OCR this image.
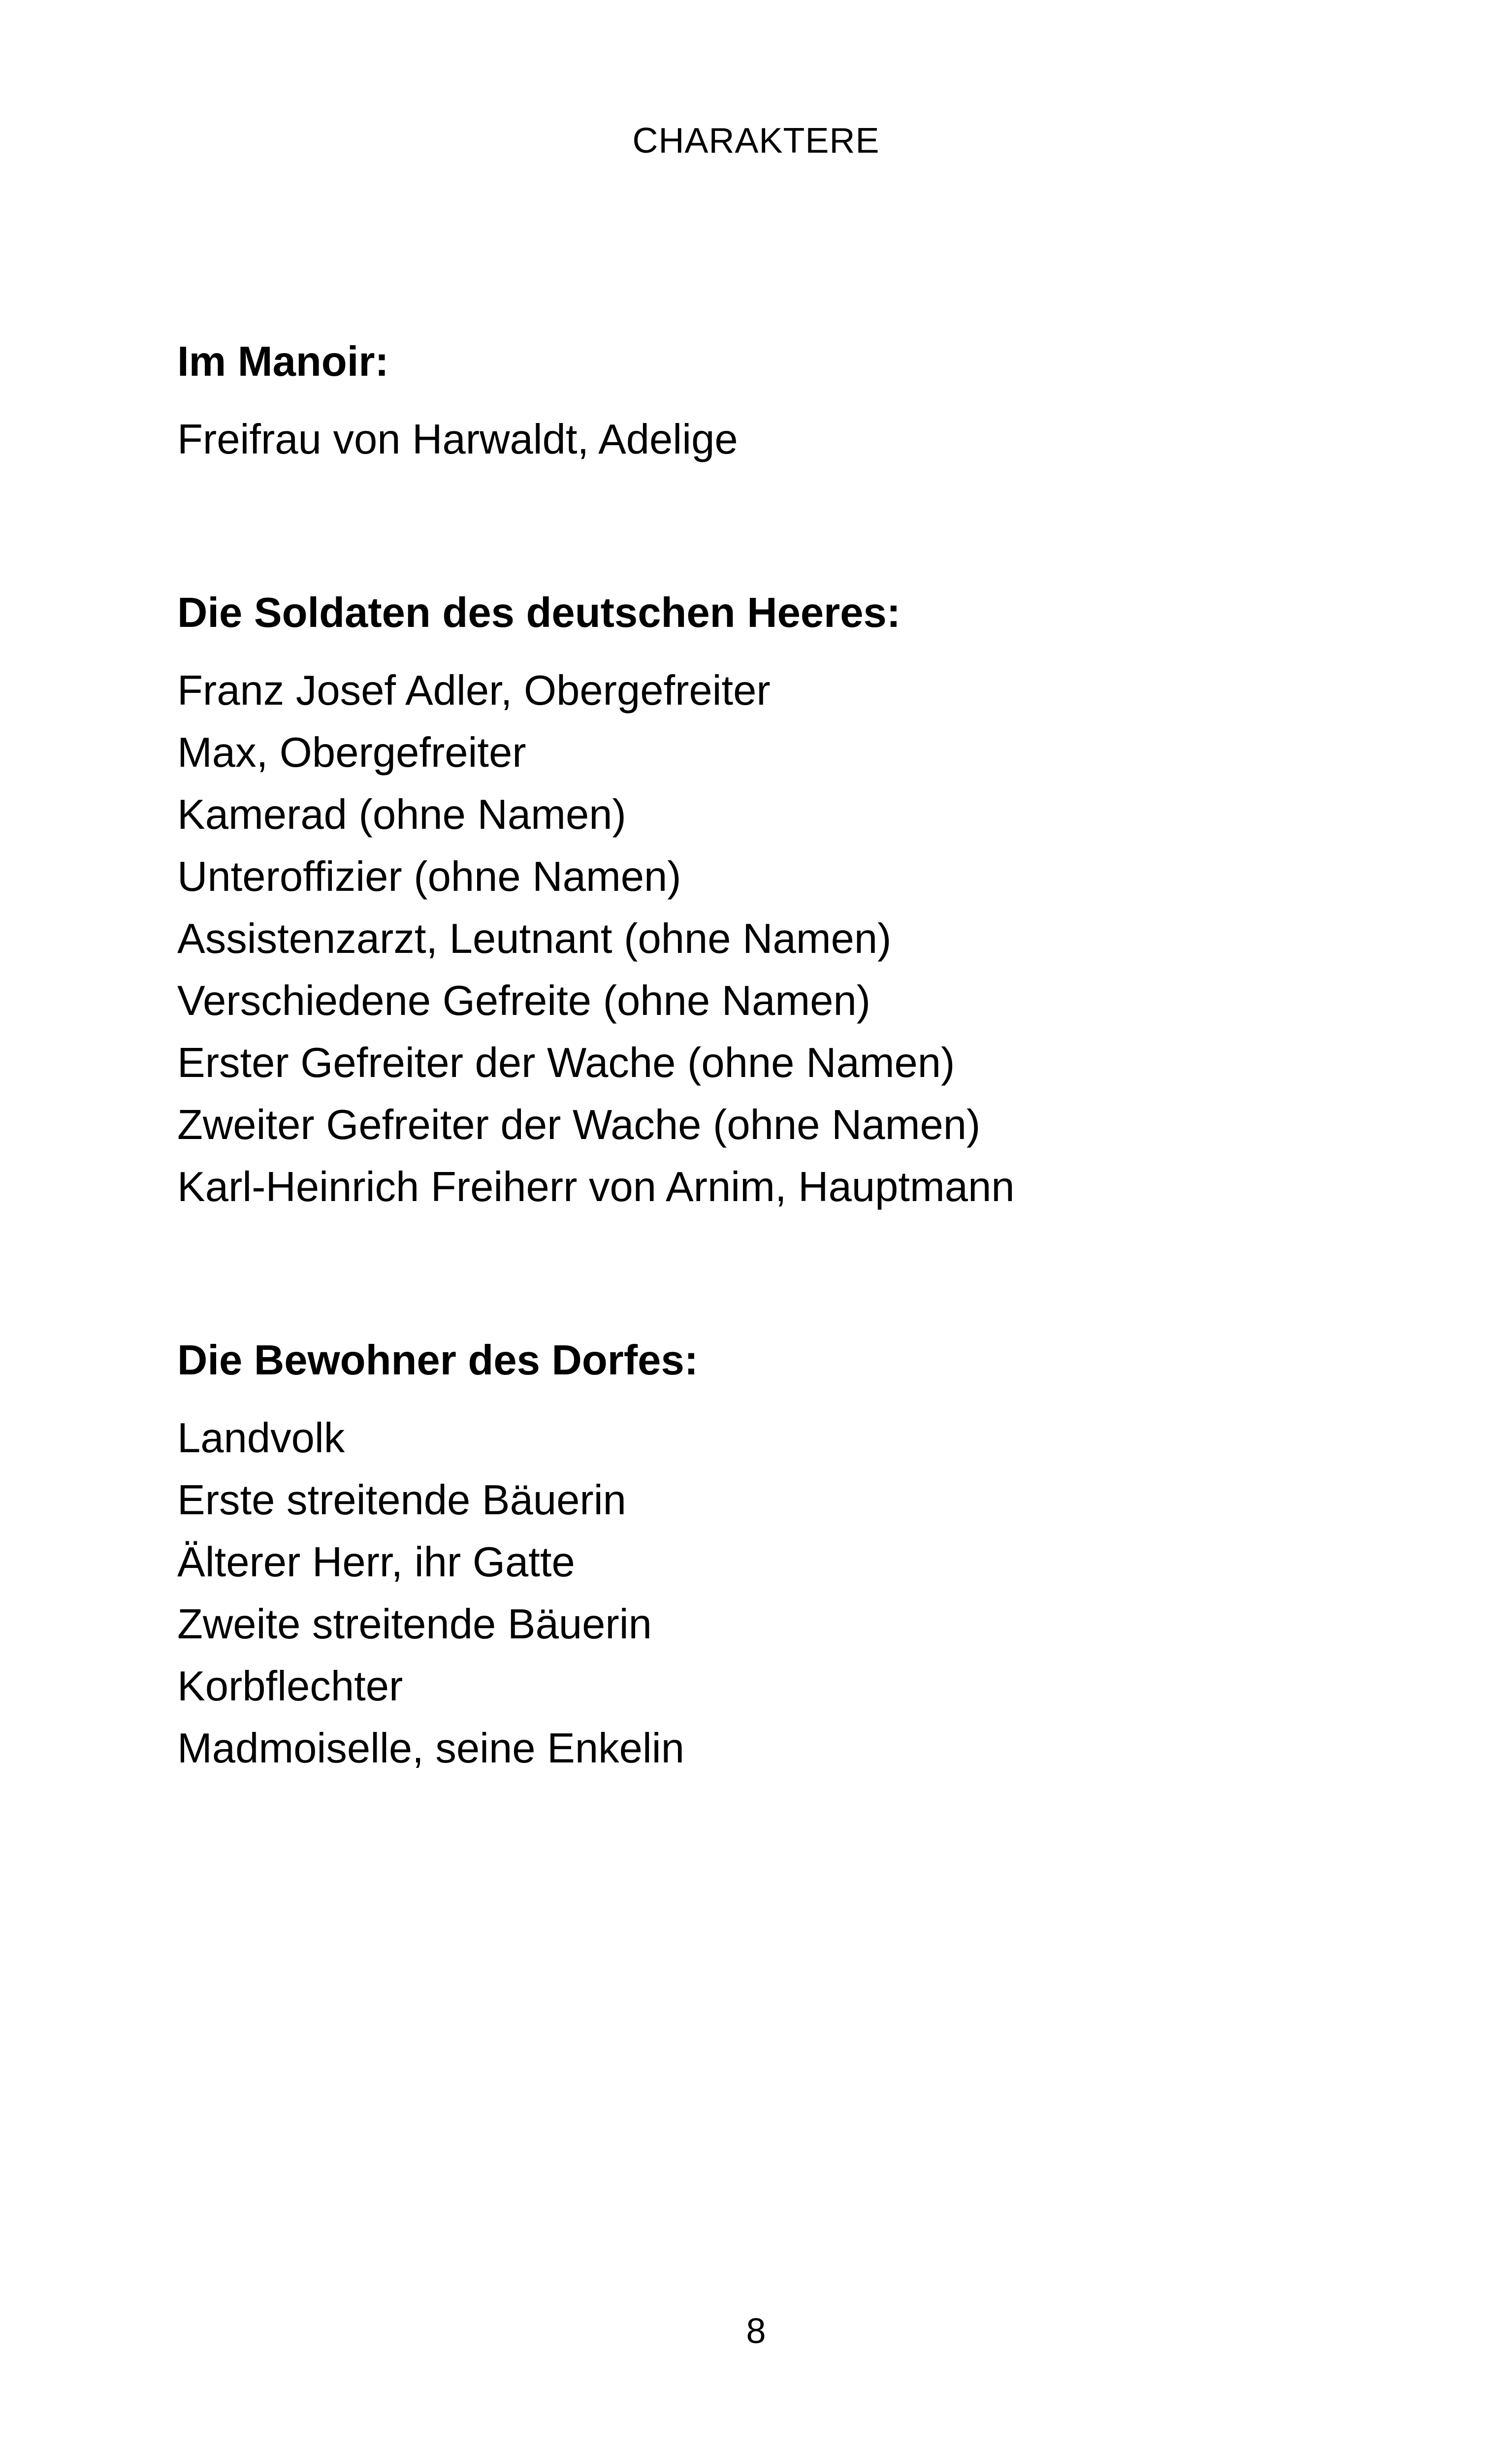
CHARAKTERE
Im Manoir:
Freifrau von Harwaldt, Adelige
Die Soldaten des deutschen Heeres:
Franz Josef Adler, Obergefreiter
Max, Obergefreiter
Kamerad (ohne Namen)
Unteroffizier (ohne Namen)
Assistenzarzt, Leutnant (ohne Namen)
Verschiedene Gefreite (ohne Namen)
Erster Gefreiter der Wache (ohne Namen)
Zweiter Gefreiter der Wache (ohne Namen)
Karl-Heinrich Freiherr von Arnim, Hauptmann
Die Bewohner des Dorfes:
Landvolk
Erste streitende Bäuerin
Älterer Herr, ihr Gatte
Zweite streitende Bäuerin
Korbflechter
Madmoiselle, seine Enkelin
8
